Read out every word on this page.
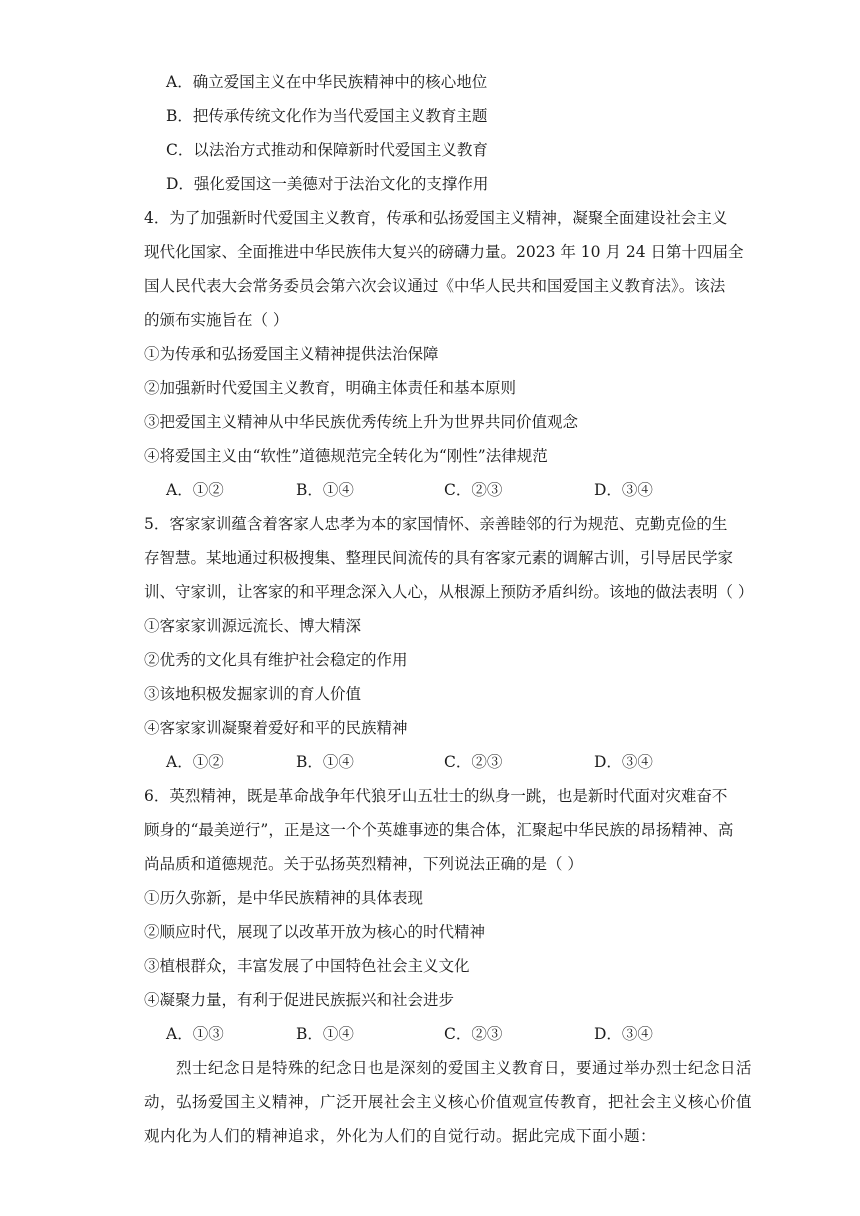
A．确立爱国主义在中华民族精神中的核心地位
B．把传承传统文化作为当代爱国主义教育主题
C．以法治方式推动和保障新时代爱国主义教育
D．强化爱国这一美德对于法治文化的支撑作用
4．为了加强新时代爱国主义教育，传承和弘扬爱国主义精神，凝聚全面建设社会主义
现代化国家、全面推进中华民族伟大复兴的磅礴力量。2023 年 10 月 24 日第十四届全
国人民代表大会常务委员会第六次会议通过《中华人民共和国爱国主义教育法》。该法
的颁布实施旨在（ ）
①为传承和弘扬爱国主义精神提供法治保障
②加强新时代爱国主义教育，明确主体责任和基本原则
③把爱国主义精神从中华民族优秀传统上升为世界共同价值观念
④将爱国主义由“软性”道德规范完全转化为“刚性”法律规范
A．①②	B．①④	C．②③	D．③④
5．客家家训蕴含着客家人忠孝为本的家国情怀、亲善睦邻的行为规范、克勤克俭的生
存智慧。某地通过积极搜集、整理民间流传的具有客家元素的调解古训，引导居民学家
训、守家训，让客家的和平理念深入人心，从根源上预防矛盾纠纷。该地的做法表明（ ）
①客家家训源远流长、博大精深
②优秀的文化具有维护社会稳定的作用
③该地积极发掘家训的育人价值
④客家家训凝聚着爱好和平的民族精神
A．①②	B．①④	C．②③	D．③④
6．英烈精神，既是革命战争年代狼牙山五壮士的纵身一跳，也是新时代面对灾难奋不
顾身的“最美逆行”，正是这一个个英雄事迹的集合体，汇聚起中华民族的昂扬精神、高
尚品质和道德规范。关于弘扬英烈精神，下列说法正确的是（ ）
①历久弥新，是中华民族精神的具体表现
②顺应时代，展现了以改革开放为核心的时代精神
③植根群众，丰富发展了中国特色社会主义文化
④凝聚力量，有利于促进民族振兴和社会进步
A．①③	B．①④	C．②③	D．③④
烈士纪念日是特殊的纪念日也是深刻的爱国主义教育日，要通过举办烈士纪念日活
动，弘扬爱国主义精神，广泛开展社会主义核心价值观宣传教育，把社会主义核心价值
观内化为人们的精神追求，外化为人们的自觉行动。据此完成下面小题：
